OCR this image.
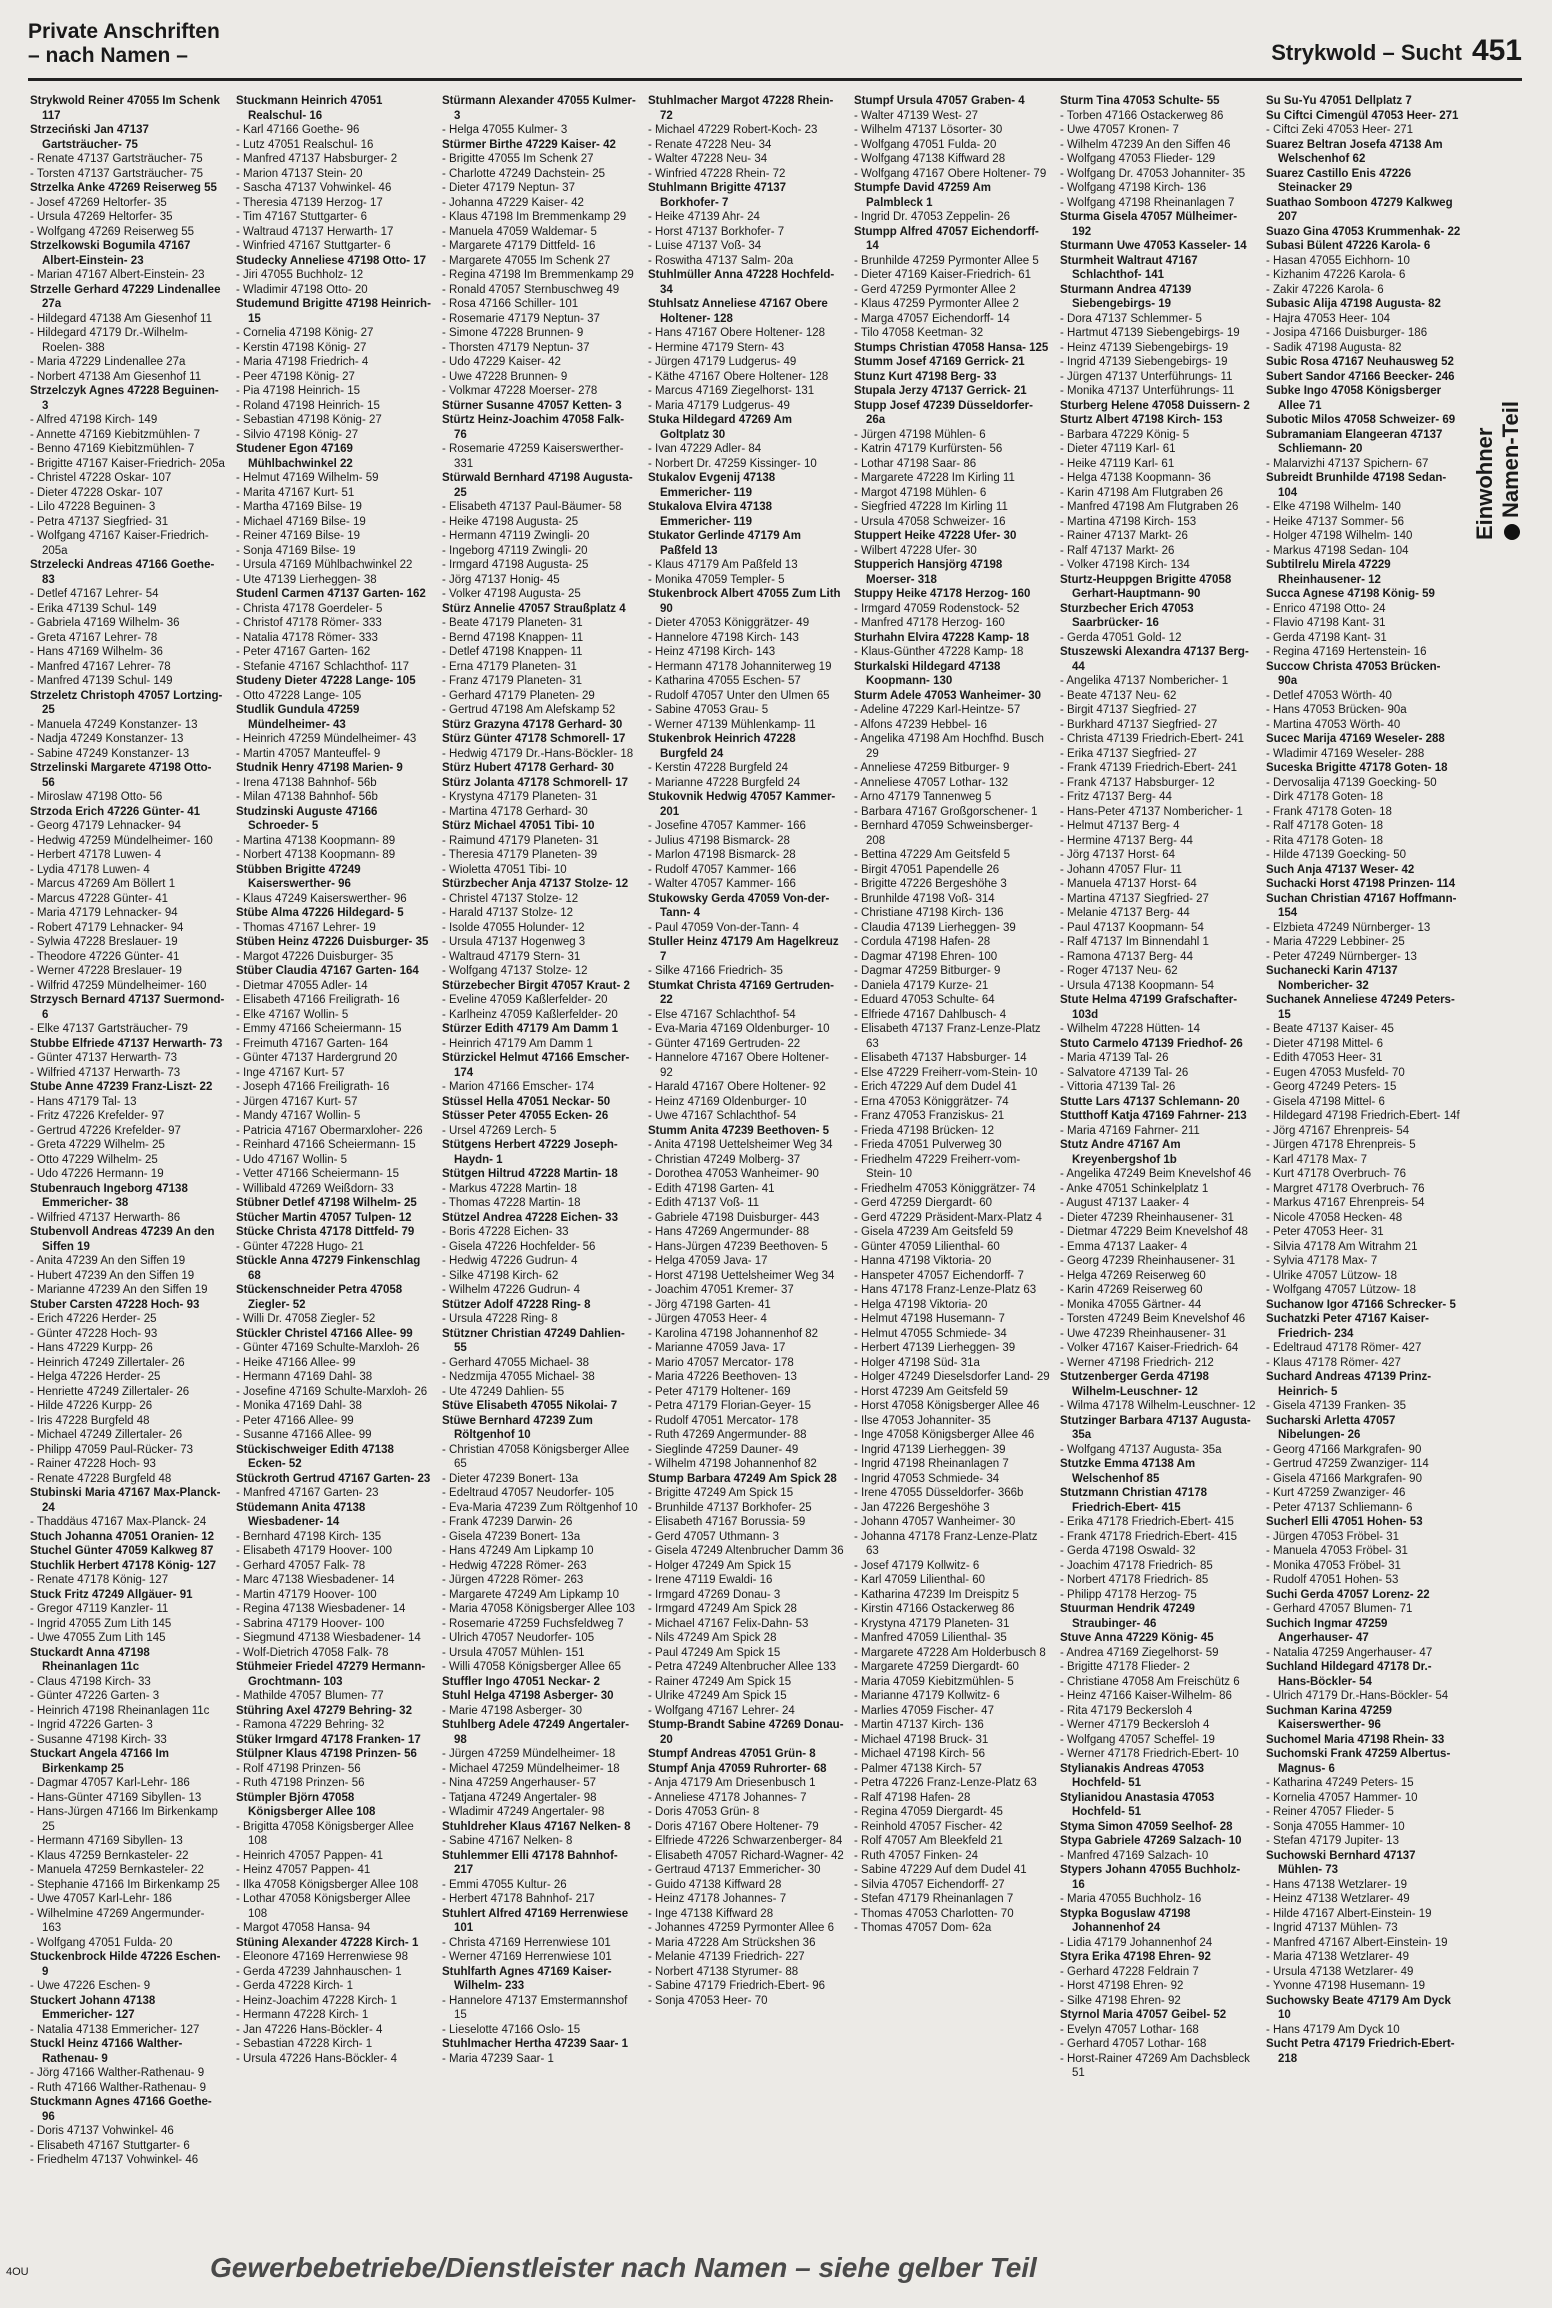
Private Anschriften
– nach Namen –	Strykwold – Sucht 451
Strykwold Reiner 47055 Im Schenk 117
Strzeciński Jan 47137 Gartsträucher- 75
- Renate 47137 Gartsträucher- 75
- Torsten 47137 Gartsträucher- 75
Strzelka Anke 47269 Reiserweg 55
- Josef 47269 Heltorfer- 35
- Ursula 47269 Heltorfer- 35
- Wolfgang 47269 Reiserweg 55
Strzelkowski Bogumila 47167 Albert-Einstein- 23
- Marian 47167 Albert-Einstein- 23
Strzelle Gerhard 47229 Lindenallee 27a
- Hildegard 47138 Am Giesenhof 11
- Hildegard 47179 Dr.-Wilhelm-Roelen- 388
- Maria 47229 Lindenallee 27a
- Norbert 47138 Am Giesenhof 11
Strzelczyk Agnes 47228 Beguinen- 3
- Alfred 47198 Kirch- 149
- Annette 47169 Kiebitzmühlen- 7
- Benno 47169 Kiebitzmühlen- 7
- Brigitte 47167 Kaiser-Friedrich- 205a
- Christel 47228 Oskar- 107
- Dieter 47228 Oskar- 107
- Lilo 47228 Beguinen- 3
- Petra 47137 Siegfried- 31
- Wolfgang 47167 Kaiser-Friedrich- 205a
Strzelecki Andreas 47166 Goethe- 83
- Detlef 47167 Lehrer- 54
- Erika 47139 Schul- 149
- Gabriela 47169 Wilhelm- 36
- Greta 47167 Lehrer- 78
- Hans 47169 Wilhelm- 36
- Manfred 47167 Lehrer- 78
- Manfred 47139 Schul- 149
Strzeletz Christoph 47057 Lortzing- 25
- Manuela 47249 Konstanzer- 13
- Nadja 47249 Konstanzer- 13
- Sabine 47249 Konstanzer- 13
Strzelinski Margarete 47198 Otto- 56
- Miroslaw 47198 Otto- 56
Strzoda Erich 47226 Günter- 41
- Georg 47179 Lehnacker- 94
- Hedwig 47259 Mündelheimer- 160
- Herbert 47178 Luwen- 4
- Lydia 47178 Luwen- 4
- Marcus 47269 Am Böllert 1
- Marcus 47228 Günter- 41
- Maria 47179 Lehnacker- 94
- Robert 47179 Lehnacker- 94
- Sylwia 47228 Breslauer- 19
- Theodore 47226 Günter- 41
- Werner 47228 Breslauer- 19
- Wilfrid 47259 Mündelheimer- 160
Strzysch Bernard 47137 Suermond- 6
- Elke 47137 Gartsträucher- 79
Stubbe Elfriede 47137 Herwarth- 73
- Günter 47137 Herwarth- 73
- Wilfried 47137 Herwarth- 73
Stube Anne 47239 Franz-Liszt- 22
- Hans 47179 Tal- 13
- Fritz 47226 Krefelder- 97
- Gertrud 47226 Krefelder- 97
- Greta 47229 Wilhelm- 25
- Otto 47229 Wilhelm- 25
- Udo 47226 Hermann- 19
Stubenrauch Ingeborg 47138 Emmericher- 38
- Wilfried 47137 Herwarth- 86
Stubenvoll Andreas 47239 An den Siffen 19
- Anita 47239 An den Siffen 19
- Hubert 47239 An den Siffen 19
- Marianne 47239 An den Siffen 19
Stuber Carsten 47228 Hoch- 93
- Erich 47226 Herder- 25
- Günter 47228 Hoch- 93
- Hans 47229 Kurpp- 26
- Heinrich 47249 Zillertaler- 26
- Helga 47226 Herder- 25
- Henriette 47249 Zillertaler- 26
- Hilde 47226 Kurpp- 26
- Iris 47228 Burgfeld 48
- Michael 47249 Zillertaler- 26
- Philipp 47059 Paul-Rücker- 73
- Rainer 47228 Hoch- 93
- Renate 47228 Burgfeld 48
Stubinski Maria 47167 Max-Planck- 24
- Thaddäus 47167 Max-Planck- 24
Stuch Johanna 47051 Oranien- 12
Stuchel Günter 47059 Kalkweg 87
Stuchlik Herbert 47178 König- 127
- Renate 47178 König- 127
Stuck Fritz 47249 Allgäuer- 91
- Gregor 47119 Kanzler- 11
- Ingrid 47055 Zum Lith 145
- Uwe 47055 Zum Lith 145
Stuckardt Anna 47198 Rheinanlagen 11c
- Claus 47198 Kirch- 33
- Günter 47226 Garten- 3
- Heinrich 47198 Rheinanlagen 11c
- Ingrid 47226 Garten- 3
- Susanne 47198 Kirch- 33
Stuckart Angela 47166 Im Birkenkamp 25
- Dagmar 47057 Karl-Lehr- 186
- Hans-Günter 47169 Sibyllen- 13
- Hans-Jürgen 47166 Im Birkenkamp 25
- Hermann 47169 Sibyllen- 13
- Klaus 47259 Bernkasteler- 22
- Manuela 47259 Bernkasteler- 22
- Stephanie 47166 Im Birkenkamp 25
- Uwe 47057 Karl-Lehr- 186
- Wilhelmine 47269 Angermunder- 163
- Wolfgang 47051 Fulda- 20
Stuckenbrock Hilde 47226 Eschen- 9
- Uwe 47226 Eschen- 9
Stuckert Johann 47138 Emmericher- 127
- Natalia 47138 Emmericher- 127
Stuckl Heinz 47166 Walther-Rathenau- 9
- Jörg 47166 Walther-Rathenau- 9
- Ruth 47166 Walther-Rathenau- 9
Stuckmann Agnes 47166 Goethe- 96
- Doris 47137 Vohwinkel- 46
- Elisabeth 47167 Stuttgarter- 6
- Friedhelm 47137 Vohwinkel- 46
Stuckmann Heinrich 47051 Realschul- 16
- Karl 47166 Goethe- 96
- Lutz 47051 Realschul- 16
- Manfred 47137 Habsburger- 2
- Marion 47137 Stein- 20
- Sascha 47137 Vohwinkel- 46
- Theresia 47139 Herzog- 17
- Tim 47167 Stuttgarter- 6
- Waltraud 47137 Herwarth- 17
- Winfried 47167 Stuttgarter- 6
Studecky Anneliese 47198 Otto- 17
- Jiri 47055 Buchholz- 12
- Wladimir 47198 Otto- 20
Studemund Brigitte 47198 Heinrich- 15
- Cornelia 47198 König- 27
- Kerstin 47198 König- 27
- Maria 47198 Friedrich- 4
- Peer 47198 König- 27
- Pia 47198 Heinrich- 15
- Roland 47198 Heinrich- 15
- Sebastian 47198 König- 27
- Silvio 47198 König- 27
Studener Egon 47169 Mühlbachwinkel 22
- Helmut 47169 Wilhelm- 59
- Marita 47167 Kurt- 51
- Martha 47169 Bilse- 19
- Michael 47169 Bilse- 19
- Reiner 47169 Bilse- 19
- Sonja 47169 Bilse- 19
- Ursula 47169 Mühlbachwinkel 22
- Ute 47139 Lierheggen- 38
Studenl Carmen 47137 Garten- 162
- Christa 47178 Goerdeler- 5
- Christof 47178 Römer- 333
- Natalia 47178 Römer- 333
- Peter 47167 Garten- 162
- Stefanie 47167 Schlachthof- 117
Studeny Dieter 47228 Lange- 105
- Otto 47228 Lange- 105
Studlik Gundula 47259 Mündelheimer- 43
- Heinrich 47259 Mündelheimer- 43
- Martin 47057 Manteuffel- 9
Studnik Henry 47198 Marien- 9
- Irena 47138 Bahnhof- 56b
- Milan 47138 Bahnhof- 56b
Studzinski Auguste 47166 Schroeder- 5
- Martina 47138 Koopmann- 89
- Norbert 47138 Koopmann- 89
Stübben Brigitte 47249 Kaiserswerther- 96
- Klaus 47249 Kaiserswerther- 96
Stübe Alma 47226 Hildegard- 5
- Thomas 47167 Lehrer- 19
Stüben Heinz 47226 Duisburger- 35
- Margot 47226 Duisburger- 35
Stüber Claudia 47167 Garten- 164
- Dietmar 47055 Adler- 14
- Elisabeth 47166 Freiligrath- 16
- Elke 47167 Wollin- 5
- Emmy 47166 Scheiermann- 15
- Freimuth 47167 Garten- 164
- Günter 47137 Hardergrund 20
- Inge 47167 Kurt- 57
- Joseph 47166 Freiligrath- 16
- Jürgen 47167 Kurt- 57
- Mandy 47167 Wollin- 5
- Patricia 47167 Obermarxloher- 226
- Reinhard 47166 Scheiermann- 15
- Udo 47167 Wollin- 5
- Vetter 47166 Scheiermann- 15
- Willibald 47269 Weißdorn- 33
Stübner Detlef 47198 Wilhelm- 25
Stücher Martin 47057 Tulpen- 12
Stücke Christa 47178 Dittfeld- 79
- Günter 47228 Hugo- 21
Stückle Anna 47279 Finkenschlag 68
Stückenschneider Petra 47058 Ziegler- 52
- Willi Dr. 47058 Ziegler- 52
Stückler Christel 47166 Allee- 99
- Günter 47169 Schulte-Marxloh- 26
- Heike 47166 Allee- 99
- Hermann 47169 Dahl- 38
- Josefine 47169 Schulte-Marxloh- 26
- Monika 47169 Dahl- 38
- Peter 47166 Allee- 99
- Susanne 47166 Allee- 99
Stückischweiger Edith 47138 Ecken- 52
Stückroth Gertrud 47167 Garten- 23
- Manfred 47167 Garten- 23
Stüdemann Anita 47138 Wiesbadener- 14
- Bernhard 47198 Kirch- 135
- Elisabeth 47179 Hoover- 100
- Gerhard 47057 Falk- 78
- Marc 47138 Wiesbadener- 14
- Martin 47179 Hoover- 100
- Regina 47138 Wiesbadener- 14
- Sabrina 47179 Hoover- 100
- Siegmund 47138 Wiesbadener- 14
- Wolf-Dietrich 47058 Falk- 78
Stühmeier Friedel 47279 Hermann-Grochtmann- 103
- Mathilde 47057 Blumen- 77
Stühring Axel 47279 Behring- 32
- Ramona 47229 Behring- 32
Stüker Irmgard 47178 Franken- 17
Stülpner Klaus 47198 Prinzen- 56
- Rolf 47198 Prinzen- 56
- Ruth 47198 Prinzen- 56
Stümpler Björn 47058 Königsberger Allee 108
- Brigitta 47058 Königsberger Allee 108
- Heinrich 47057 Pappen- 41
- Heinz 47057 Pappen- 41
- Ilka 47058 Königsberger Allee 108
- Lothar 47058 Königsberger Allee 108
- Margot 47058 Hansa- 94
Stüning Alexander 47228 Kirch- 1
- Eleonore 47169 Herrenwiese 98
- Gerda 47239 Jahnhauschen- 1
- Gerda 47228 Kirch- 1
- Heinz-Joachim 47228 Kirch- 1
- Hermann 47228 Kirch- 1
- Jan 47226 Hans-Böckler- 4
- Sebastian 47228 Kirch- 1
- Ursula 47226 Hans-Böckler- 4
Stürmann Alexander 47055 Kulmer- 3
- Helga 47055 Kulmer- 3
Stürmer Birthe 47229 Kaiser- 42
- Brigitte 47055 Im Schenk 27
- Charlotte 47249 Dachstein- 25
- Dieter 47179 Neptun- 37
- Johanna 47229 Kaiser- 42
- Klaus 47198 Im Bremmenkamp 29
- Manuela 47059 Waldemar- 5
- Margarete 47179 Dittfeld- 16
- Margarete 47055 Im Schenk 27
- Regina 47198 Im Bremmenkamp 29
- Ronald 47057 Sternbuschweg 49
- Rosa 47166 Schiller- 101
- Rosemarie 47179 Neptun- 37
- Simone 47228 Brunnen- 9
- Thorsten 47179 Neptun- 37
- Udo 47229 Kaiser- 42
- Uwe 47228 Brunnen- 9
- Volkmar 47228 Moerser- 278
Stürner Susanne 47057 Ketten- 3
Stürtz Heinz-Joachim 47058 Falk- 76
- Rosemarie 47259 Kaiserswerther- 331
Stürwald Bernhard 47198 Augusta- 25
- Elisabeth 47137 Paul-Bäumer- 58
- Heike 47198 Augusta- 25
- Hermann 47119 Zwingli- 20
- Ingeborg 47119 Zwingli- 20
- Irmgard 47198 Augusta- 25
- Jörg 47137 Honig- 45
- Volker 47198 Augusta- 25
Stürz Annelie 47057 Straußplatz 4
- Beate 47179 Planeten- 31
- Bernd 47198 Knappen- 11
- Detlef 47198 Knappen- 11
- Erna 47179 Planeten- 31
- Franz 47179 Planeten- 31
- Gerhard 47179 Planeten- 29
- Gertrud 47198 Am Alefskamp 52
Stürz Grazyna 47178 Gerhard- 30
Stürz Günter 47178 Schmorell- 17
- Hedwig 47179 Dr.-Hans-Böckler- 18
Stürz Hubert 47178 Gerhard- 30
Stürz Jolanta 47178 Schmorell- 17
- Krystyna 47179 Planeten- 31
- Martina 47178 Gerhard- 30
Stürz Michael 47051 Tibi- 10
- Raimund 47179 Planeten- 31
- Theresia 47179 Planeten- 39
- Wioletta 47051 Tibi- 10
Stürzbecher Anja 47137 Stolze- 12
- Christel 47137 Stolze- 12
- Harald 47137 Stolze- 12
- Isolde 47055 Holunder- 12
- Ursula 47137 Hogenweg 3
- Waltraud 47179 Stern- 31
- Wolfgang 47137 Stolze- 12
Stürzebecher Birgit 47057 Kraut- 2
- Eveline 47059 Kaßlerfelder- 20
- Karlheinz 47059 Kaßlerfelder- 20
Stürzer Edith 47179 Am Damm 1
- Heinrich 47179 Am Damm 1
Stürzickel Helmut 47166 Emscher- 174
- Marion 47166 Emscher- 174
Stüssel Hella 47051 Neckar- 50
Stüsser Peter 47055 Ecken- 26
- Ursel 47269 Lerch- 5
Stütgens Herbert 47229 Joseph-Haydn- 1
Stütgen Hiltrud 47228 Martin- 18
- Markus 47228 Martin- 18
- Thomas 47228 Martin- 18
Stützel Andrea 47228 Eichen- 33
- Boris 47228 Eichen- 33
- Gisela 47226 Hochfelder- 56
- Hedwig 47226 Gudrun- 4
- Silke 47198 Kirch- 62
- Wilhelm 47226 Gudrun- 4
Stützer Adolf 47228 Ring- 8
- Ursula 47228 Ring- 8
Stützner Christian 47249 Dahlien- 55
- Gerhard 47055 Michael- 38
- Nedzmija 47055 Michael- 38
- Ute 47249 Dahlien- 55
Stüve Elisabeth 47055 Nikolai- 7
Stüwe Bernhard 47239 Zum Röltgenhof 10
- Christian 47058 Königsberger Allee 65
- Dieter 47239 Bonert- 13a
- Edeltraud 47057 Neudorfer- 105
- Eva-Maria 47239 Zum Röltgenhof 10
- Frank 47239 Darwin- 26
- Gisela 47239 Bonert- 13a
- Hans 47249 Am Lipkamp 10
- Hedwig 47228 Römer- 263
- Jürgen 47228 Römer- 263
- Margarete 47249 Am Lipkamp 10
- Maria 47058 Königsberger Allee 103
- Rosemarie 47259 Fuchsfeldweg 7
- Ulrich 47057 Neudorfer- 105
- Ursula 47057 Mühlen- 151
- Willi 47058 Königsberger Allee 65
Stuffler Ingo 47051 Neckar- 2
Stuhl Helga 47198 Asberger- 30
- Marie 47198 Asberger- 30
Stuhlberg Adele 47249 Angertaler- 98
- Jürgen 47259 Mündelheimer- 18
- Michael 47259 Mündelheimer- 18
- Nina 47259 Angerhauser- 57
- Tatjana 47249 Angertaler- 98
- Wladimir 47249 Angertaler- 98
Stuhldreher Klaus 47167 Nelken- 8
- Sabine 47167 Nelken- 8
Stuhlemmer Elli 47178 Bahnhof- 217
- Emmi 47055 Kultur- 26
- Herbert 47178 Bahnhof- 217
Stuhlert Alfred 47169 Herrenwiese 101
- Christa 47169 Herrenwiese 101
- Werner 47169 Herrenwiese 101
Stuhlfarth Agnes 47169 Kaiser-Wilhelm- 233
- Hannelore 47137 Emstermannshof 15
- Lieselotte 47166 Oslo- 15
Stuhlmacher Hertha 47239 Saar- 1
- Maria 47239 Saar- 1
Stuhlmacher Margot 47228 Rhein- 72
- Michael 47229 Robert-Koch- 23
- Renate 47228 Neu- 34
- Walter 47228 Neu- 34
- Winfried 47228 Rhein- 72
Stuhlmann Brigitte 47137 Borkhofer- 7
- Heike 47139 Ahr- 24
- Horst 47137 Borkhofer- 7
- Luise 47137 Voß- 34
- Roswitha 47137 Salm- 20a
Stuhlmüller Anna 47228 Hochfeld- 34
Stuhlsatz Anneliese 47167 Obere Holtener- 128
- Hans 47167 Obere Holtener- 128
- Hermine 47179 Stern- 43
- Jürgen 47179 Ludgerus- 49
- Käthe 47167 Obere Holtener- 128
- Marcus 47169 Ziegelhorst- 131
- Maria 47179 Ludgerus- 49
Stuka Hildegard 47269 Am Goltplatz 30
- Ivan 47229 Adler- 84
- Norbert Dr. 47259 Kissinger- 10
Stukalov Evgenij 47138 Emmericher- 119
Stukalova Elvira 47138 Emmericher- 119
Stukator Gerlinde 47179 Am Paßfeld 13
- Klaus 47179 Am Paßfeld 13
- Monika 47059 Templer- 5
Stukenbrock Albert 47055 Zum Lith 90
- Dieter 47053 Königgrätzer- 49
- Hannelore 47198 Kirch- 143
- Heinz 47198 Kirch- 143
- Hermann 47178 Johanniterweg 19
- Katharina 47055 Eschen- 57
- Rudolf 47057 Unter den Ulmen 65
- Sabine 47053 Grau- 5
- Werner 47139 Mühlenkamp- 11
Stukenbrok Heinrich 47228 Burgfeld 24
- Kerstin 47228 Burgfeld 24
- Marianne 47228 Burgfeld 24
Stukovnik Hedwig 47057 Kammer- 201
- Josefine 47057 Kammer- 166
- Julius 47198 Bismarck- 28
- Marlon 47198 Bismarck- 28
- Rudolf 47057 Kammer- 166
- Walter 47057 Kammer- 166
Stukowsky Gerda 47059 Von-der-Tann- 4
- Paul 47059 Von-der-Tann- 4
Stuller Heinz 47179 Am Hagelkreuz 7
- Silke 47166 Friedrich- 35
Stumkat Christa 47169 Gertruden- 22
- Else 47167 Schlachthof- 54
- Eva-Maria 47169 Oldenburger- 10
- Günter 47169 Gertruden- 22
- Hannelore 47167 Obere Holtener- 92
- Harald 47167 Obere Holtener- 92
- Heinz 47169 Oldenburger- 10
- Uwe 47167 Schlachthof- 54
Stumm Anita 47239 Beethoven- 5
- Anita 47198 Uettelsheimer Weg 34
- Christian 47249 Molberg- 37
- Dorothea 47053 Wanheimer- 90
- Edith 47198 Garten- 41
- Edith 47137 Voß- 11
- Gabriele 47198 Duisburger- 443
- Hans 47269 Angermunder- 88
- Hans-Jürgen 47239 Beethoven- 5
- Helga 47059 Java- 17
- Horst 47198 Uettelsheimer Weg 34
- Joachim 47051 Kremer- 37
- Jörg 47198 Garten- 41
- Jürgen 47053 Heer- 4
- Karolina 47198 Johannenhof 82
- Marianne 47059 Java- 17
- Mario 47057 Mercator- 178
- Maria 47226 Beethoven- 13
- Peter 47179 Holtener- 169
- Petra 47179 Florian-Geyer- 15
- Rudolf 47051 Mercator- 178
- Ruth 47269 Angermunder- 88
- Sieglinde 47259 Dauner- 49
- Wilhelm 47198 Johannenhof 82
Stump Barbara 47249 Am Spick 28
- Brigitte 47249 Am Spick 15
- Brunhilde 47137 Borkhofer- 25
- Elisabeth 47167 Borussia- 59
- Gerd 47057 Uthmann- 3
- Gisela 47249 Altenbrucher Damm 36
- Holger 47249 Am Spick 15
- Irene 47119 Ewaldi- 16
- Irmgard 47269 Donau- 3
- Irmgard 47249 Am Spick 28
- Michael 47167 Felix-Dahn- 53
- Nils 47249 Am Spick 28
- Paul 47249 Am Spick 15
- Petra 47249 Altenbrucher Allee 133
- Rainer 47249 Am Spick 15
- Ulrike 47249 Am Spick 15
- Wolfgang 47167 Lehrer- 24
Stump-Brandt Sabine 47269 Donau- 20
Stumpf Andreas 47051 Grün- 8
Stumpf Anja 47059 Ruhrorter- 68
- Anja 47179 Am Driesenbusch 1
- Anneliese 47178 Johannes- 7
- Doris 47053 Grün- 8
- Doris 47167 Obere Holtener- 79
- Elfriede 47226 Schwarzenberger- 84
- Elisabeth 47057 Richard-Wagner- 42
- Gertraud 47137 Emmericher- 30
- Guido 47138 Kiffward 28
- Heinz 47178 Johannes- 7
- Inge 47138 Kiffward 28
- Johannes 47259 Pyrmonter Allee 6
- Maria 47228 Am Strückshen 36
- Melanie 47139 Friedrich- 227
- Norbert 47138 Styrumer- 88
- Sabine 47179 Friedrich-Ebert- 96
- Sonja 47053 Heer- 70
Stumpf Ursula 47057 Graben- 4
- Walter 47139 West- 27
- Wilhelm 47137 Lösorter- 30
- Wolfgang 47051 Fulda- 20
- Wolfgang 47138 Kiffward 28
- Wolfgang 47167 Obere Holtener- 79
Stumpfe David 47259 Am Palmbleck 1
- Ingrid Dr. 47053 Zeppelin- 26
Stumpp Alfred 47057 Eichendorff- 14
- Brunhilde 47259 Pyrmonter Allee 5
- Dieter 47169 Kaiser-Friedrich- 61
- Gerd 47259 Pyrmonter Allee 2
- Klaus 47259 Pyrmonter Allee 2
- Marga 47057 Eichendorff- 14
- Tilo 47058 Keetman- 32
Stumps Christian 47058 Hansa- 125
Stumm Josef 47169 Gerrick- 21
Stunz Kurt 47198 Berg- 33
Stupala Jerzy 47137 Gerrick- 21
Stupp Josef 47239 Düsseldorfer- 26a
- Jürgen 47198 Mühlen- 6
- Katrin 47179 Kurfürsten- 56
- Lothar 47198 Saar- 86
- Margarete 47228 Im Kirling 11
- Margot 47198 Mühlen- 6
- Siegfried 47228 Im Kirling 11
- Ursula 47058 Schweizer- 16
Stuppert Heike 47228 Ufer- 30
- Wilbert 47228 Ufer- 30
Stupperich Hansjörg 47198 Moerser- 318
Stuppy Heike 47178 Herzog- 160
- Irmgard 47059 Rodenstock- 52
- Manfred 47178 Herzog- 160
Sturhahn Elvira 47228 Kamp- 18
- Klaus-Günther 47228 Kamp- 18
Sturkalski Hildegard 47138 Koopmann- 130
Sturm Adele 47053 Wanheimer- 30
- Adeline 47229 Karl-Heintze- 57
- Alfons 47239 Hebbel- 16
- Angelika 47198 Am Hochfhd. Busch 29
- Anneliese 47259 Bitburger- 9
- Anneliese 47057 Lothar- 132
- Arno 47179 Tannenweg 5
- Barbara 47167 Großgorschener- 1
- Bernhard 47059 Schweinsberger- 208
- Bettina 47229 Am Geitsfeld 5
- Birgit 47051 Papendelle 26
- Brigitte 47226 Bergeshöhe 3
- Brunhilde 47198 Voß- 314
- Christiane 47198 Kirch- 136
- Claudia 47139 Lierheggen- 39
- Cordula 47198 Hafen- 28
- Dagmar 47198 Ehren- 100
- Dagmar 47259 Bitburger- 9
- Daniela 47179 Kurze- 21
- Eduard 47053 Schulte- 64
- Elfriede 47167 Dahlbusch- 4
- Elisabeth 47137 Franz-Lenze-Platz 63
- Elisabeth 47137 Habsburger- 14
- Else 47229 Freiherr-vom-Stein- 10
- Erich 47229 Auf dem Dudel 41
- Erna 47053 Königgrätzer- 74
- Franz 47053 Franziskus- 21
- Frieda 47198 Brücken- 12
- Frieda 47051 Pulverweg 30
- Friedhelm 47229 Freiherr-vom-Stein- 10
- Friedhelm 47053 Königgrätzer- 74
- Gerd 47259 Diergardt- 60
- Gerd 47229 Präsident-Marx-Platz 4
- Gisela 47239 Am Geitsfeld 59
- Günter 47059 Lilienthal- 60
- Hanna 47198 Viktoria- 20
- Hanspeter 47057 Eichendorff- 7
- Hans 47178 Franz-Lenze-Platz 63
- Helga 47198 Viktoria- 20
- Helmut 47198 Husemann- 7
- Helmut 47055 Schmiede- 34
- Herbert 47139 Lierheggen- 39
- Holger 47198 Süd- 31a
- Holger 47249 Dieselsdorfer Land- 29
- Horst 47239 Am Geitsfeld 59
- Horst 47058 Königsberger Allee 46
- Ilse 47053 Johanniter- 35
- Inge 47058 Königsberger Allee 46
- Ingrid 47139 Lierheggen- 39
- Ingrid 47198 Rheinanlagen 7
- Ingrid 47053 Schmiede- 34
- Irene 47055 Düsseldorfer- 366b
- Jan 47226 Bergeshöhe 3
- Johann 47057 Wanheimer- 30
- Johanna 47178 Franz-Lenze-Platz 63
- Josef 47179 Kollwitz- 6
- Karl 47059 Lilienthal- 60
- Katharina 47239 Im Dreispitz 5
- Kirstin 47166 Ostackerweg 86
- Krystyna 47179 Planeten- 31
- Manfred 47059 Lilienthal- 35
- Margarete 47228 Am Holderbusch 8
- Margarete 47259 Diergardt- 60
- Maria 47059 Kiebitzmühlen- 5
- Marianne 47179 Kollwitz- 6
- Marlies 47059 Fischer- 47
- Martin 47137 Kirch- 136
- Michael 47198 Bruck- 31
- Michael 47198 Kirch- 56
- Palmer 47138 Kirch- 57
- Petra 47226 Franz-Lenze-Platz 63
- Ralf 47198 Hafen- 28
- Regina 47059 Diergardt- 45
- Reinhold 47057 Fischer- 42
- Rolf 47057 Am Bleekfeld 21
- Ruth 47057 Finken- 24
- Sabine 47229 Auf dem Dudel 41
- Silvia 47057 Eichendorff- 27
- Stefan 47179 Rheinanlagen 7
- Thomas 47053 Charlotten- 70
- Thomas 47057 Dom- 62a
Sturm Tina 47053 Schulte- 55
- Torben 47166 Ostackerweg 86
- Uwe 47057 Kronen- 7
- Wilhelm 47239 An den Siffen 46
- Wolfgang 47053 Flieder- 129
- Wolfgang Dr. 47053 Johanniter- 35
- Wolfgang 47198 Kirch- 136
- Wolfgang 47198 Rheinanlagen 7
Sturma Gisela 47057 Mülheimer- 192
Sturmann Uwe 47053 Kasseler- 14
Sturmheit Waltraut 47167 Schlachthof- 141
Sturmann Andrea 47139 Siebengebirgs- 19
- Dora 47137 Schlemmer- 5
- Hartmut 47139 Siebengebirgs- 19
- Heinz 47139 Siebengebirgs- 19
- Ingrid 47139 Siebengebirgs- 19
- Jürgen 47137 Unterführungs- 11
- Monika 47137 Unterführungs- 11
Sturberg Helene 47058 Duissern- 2
Sturtz Albert 47198 Kirch- 153
- Barbara 47229 König- 5
- Dieter 47119 Karl- 61
- Heike 47119 Karl- 61
- Helga 47138 Koopmann- 36
- Karin 47198 Am Flutgraben 26
- Manfred 47198 Am Flutgraben 26
- Martina 47198 Kirch- 153
- Rainer 47137 Markt- 26
- Ralf 47137 Markt- 26
- Volker 47198 Kirch- 134
Sturtz-Heuppgen Brigitte 47058 Gerhart-Hauptmann- 90
Sturzbecher Erich 47053 Saarbrücker- 16
- Gerda 47051 Gold- 12
Stuszewski Alexandra 47137 Berg- 44
- Angelika 47137 Nombericher- 1
- Beate 47137 Neu- 62
- Birgit 47137 Siegfried- 27
- Burkhard 47137 Siegfried- 27
- Christa 47139 Friedrich-Ebert- 241
- Erika 47137 Siegfried- 27
- Frank 47139 Friedrich-Ebert- 241
- Frank 47137 Habsburger- 12
- Fritz 47137 Berg- 44
- Hans-Peter 47137 Nombericher- 1
- Helmut 47137 Berg- 4
- Hermine 47137 Berg- 44
- Jörg 47137 Horst- 64
- Johann 47057 Flur- 11
- Manuela 47137 Horst- 64
- Martina 47137 Siegfried- 27
- Melanie 47137 Berg- 44
- Paul 47137 Koopmann- 54
- Ralf 47137 Im Binnendahl 1
- Ramona 47137 Berg- 44
- Roger 47137 Neu- 62
- Ursula 47138 Koopmann- 54
Stute Helma 47199 Grafschafter- 103d
- Wilhelm 47228 Hütten- 14
Stuto Carmelo 47139 Friedhof- 26
- Maria 47139 Tal- 26
- Salvatore 47139 Tal- 26
- Vittoria 47139 Tal- 26
Stutte Lars 47137 Schlemann- 20
Stutthoff Katja 47169 Fahrner- 213
- Maria 47169 Fahrner- 211
Stutz Andre 47167 Am Kreyenbergshof 1b
- Angelika 47249 Beim Knevelshof 46
- Anke 47051 Schinkelplatz 1
- August 47137 Laaker- 4
- Dieter 47239 Rheinhausener- 31
- Dietmar 47229 Beim Knevelshof 48
- Emma 47137 Laaker- 4
- Georg 47239 Rheinhausener- 31
- Helga 47269 Reiserweg 60
- Karin 47269 Reiserweg 60
- Monika 47055 Gärtner- 44
- Torsten 47249 Beim Knevelshof 46
- Uwe 47239 Rheinhausener- 31
- Volker 47167 Kaiser-Friedrich- 64
- Werner 47198 Friedrich- 212
Stutzenberger Gerda 47198 Wilhelm-Leuschner- 12
- Wilma 47178 Wilhelm-Leuschner- 12
Stutzinger Barbara 47137 Augusta- 35a
- Wolfgang 47137 Augusta- 35a
Stutzke Emma 47138 Am Welschenhof 85
Stutzmann Christian 47178 Friedrich-Ebert- 415
- Erika 47178 Friedrich-Ebert- 415
- Frank 47178 Friedrich-Ebert- 415
- Gerda 47198 Oswald- 32
- Joachim 47178 Friedrich- 85
- Norbert 47178 Friedrich- 85
- Philipp 47178 Herzog- 75
Stuurman Hendrik 47249 Straubinger- 46
Stuve Anna 47229 König- 45
- Andrea 47169 Ziegelhorst- 59
- Brigitte 47178 Flieder- 2
- Christiane 47058 Am Freischütz 6
- Heinz 47166 Kaiser-Wilhelm- 86
- Rita 47179 Beckersloh 4
- Werner 47179 Beckersloh 4
- Wolfgang 47057 Scheffel- 19
- Werner 47178 Friedrich-Ebert- 10
Stylianakis Andreas 47053 Hochfeld- 51
Stylianidou Anastasia 47053 Hochfeld- 51
Styma Simon 47059 Seelhof- 28
Stypa Gabriele 47269 Salzach- 10
- Manfred 47169 Salzach- 10
Stypers Johann 47055 Buchholz- 16
- Maria 47055 Buchholz- 16
Stypka Boguslaw 47198 Johannenhof 24
- Lidia 47179 Johannenhof 24
Styra Erika 47198 Ehren- 92
- Gerhard 47228 Feldrain 7
- Horst 47198 Ehren- 92
- Silke 47198 Ehren- 92
Styrnol Maria 47057 Geibel- 52
- Evelyn 47057 Lothar- 168
- Gerhard 47057 Lothar- 168
- Horst-Rainer 47269 Am Dachsbleck 51
Su Su-Yu 47051 Dellplatz 7
Su Ciftci Cimengül 47053 Heer- 271
- Ciftci Zeki 47053 Heer- 271
Suarez Beltran Josefa 47138 Am Welschenhof 62
Suarez Castillo Enis 47226 Steinacker 29
Suathao Somboon 47279 Kalkweg 207
Suazo Gina 47053 Krummenhak- 22
Subasi Bülent 47226 Karola- 6
- Hasan 47055 Eichhorn- 10
- Kizhanim 47226 Karola- 6
- Zakir 47226 Karola- 6
Subasic Alija 47198 Augusta- 82
- Hajra 47053 Heer- 104
- Josipa 47166 Duisburger- 186
- Sadik 47198 Augusta- 82
Subic Rosa 47167 Neuhausweg 52
Subert Sandor 47166 Beecker- 246
Subke Ingo 47058 Königsberger Allee 71
Subotic Milos 47058 Schweizer- 69
Subramaniam Elangeeran 47137 Schliemann- 20
- Malarvizhi 47137 Spichern- 67
Subreidt Brunhilde 47198 Sedan- 104
- Elke 47198 Wilhelm- 140
- Heike 47137 Sommer- 56
- Holger 47198 Wilhelm- 140
- Markus 47198 Sedan- 104
Subtilrelu Mirela 47229 Rheinhausener- 12
Succa Agnese 47198 König- 59
- Enrico 47198 Otto- 24
- Flavio 47198 Kant- 31
- Gerda 47198 Kant- 31
- Regina 47169 Hertenstein- 16
Succow Christa 47053 Brücken- 90a
- Detlef 47053 Wörth- 40
- Hans 47053 Brücken- 90a
- Martina 47053 Wörth- 40
Sucec Marija 47169 Weseler- 288
- Wladimir 47169 Weseler- 288
Suceska Brigitte 47178 Goten- 18
- Dervosalija 47139 Goecking- 50
- Dirk 47178 Goten- 18
- Frank 47178 Goten- 18
- Ralf 47178 Goten- 18
- Rita 47178 Goten- 18
- Hilde 47139 Goecking- 50
Such Anja 47137 Weser- 42
Suchacki Horst 47198 Prinzen- 114
Suchan Christian 47167 Hoffmann- 154
- Elzbieta 47249 Nürnberger- 13
- Maria 47229 Lebbiner- 25
- Peter 47249 Nürnberger- 13
Suchanecki Karin 47137 Nombericher- 32
Suchanek Anneliese 47249 Peters- 15
- Beate 47137 Kaiser- 45
- Dieter 47198 Mittel- 6
- Edith 47053 Heer- 31
- Eugen 47053 Musfeld- 70
- Georg 47249 Peters- 15
- Gisela 47198 Mittel- 6
- Hildegard 47198 Friedrich-Ebert- 14f
- Jörg 47167 Ehrenpreis- 54
- Jürgen 47178 Ehrenpreis- 5
- Karl 47178 Max- 7
- Kurt 47178 Overbruch- 76
- Margret 47178 Overbruch- 76
- Markus 47167 Ehrenpreis- 54
- Nicole 47058 Hecken- 48
- Peter 47053 Heer- 31
- Silvia 47178 Am Witrahm 21
- Sylvia 47178 Max- 7
- Ulrike 47057 Lützow- 18
- Wolfgang 47057 Lützow- 18
Suchanow Igor 47166 Schrecker- 5
Suchatzki Peter 47167 Kaiser-Friedrich- 234
- Edeltraud 47178 Römer- 427
- Klaus 47178 Römer- 427
Suchard Andreas 47139 Prinz-Heinrich- 5
- Gisela 47139 Franken- 35
Sucharski Arletta 47057 Nibelungen- 26
- Georg 47166 Markgrafen- 90
- Gertrud 47259 Zwanziger- 114
- Gisela 47166 Markgrafen- 90
- Kurt 47259 Zwanziger- 46
- Peter 47137 Schliemann- 6
Sucherl Elli 47051 Hohen- 53
- Jürgen 47053 Fröbel- 31
- Manuela 47053 Fröbel- 31
- Monika 47053 Fröbel- 31
- Rudolf 47051 Hohen- 53
Suchi Gerda 47057 Lorenz- 22
- Gerhard 47057 Blumen- 71
Suchich Ingmar 47259 Angerhauser- 47
- Natalia 47259 Angerhauser- 47
Suchland Hildegard 47178 Dr.-Hans-Böckler- 54
- Ulrich 47179 Dr.-Hans-Böckler- 54
Suchman Karina 47259 Kaiserswerther- 96
Suchomel Maria 47198 Rhein- 33
Suchomski Frank 47259 Albertus-Magnus- 6
- Katharina 47249 Peters- 15
- Kornelia 47057 Hammer- 10
- Reiner 47057 Flieder- 5
- Sonja 47055 Hammer- 10
- Stefan 47179 Jupiter- 13
Suchowski Bernhard 47137 Mühlen- 73
- Hans 47138 Wetzlarer- 19
- Heinz 47138 Wetzlarer- 49
- Hilde 47167 Albert-Einstein- 19
- Ingrid 47137 Mühlen- 73
- Manfred 47167 Albert-Einstein- 19
- Maria 47138 Wetzlarer- 49
- Ursula 47138 Wetzlarer- 49
- Yvonne 47198 Husemann- 19
Suchowsky Beate 47179 Am Dyck 10
- Hans 47179 Am Dyck 10
Sucht Petra 47179 Friedrich-Ebert- 218
Einwohner Namen-Teil
4OU	Gewerbebetriebe/Dienstleister nach Namen – siehe gelber Teil
